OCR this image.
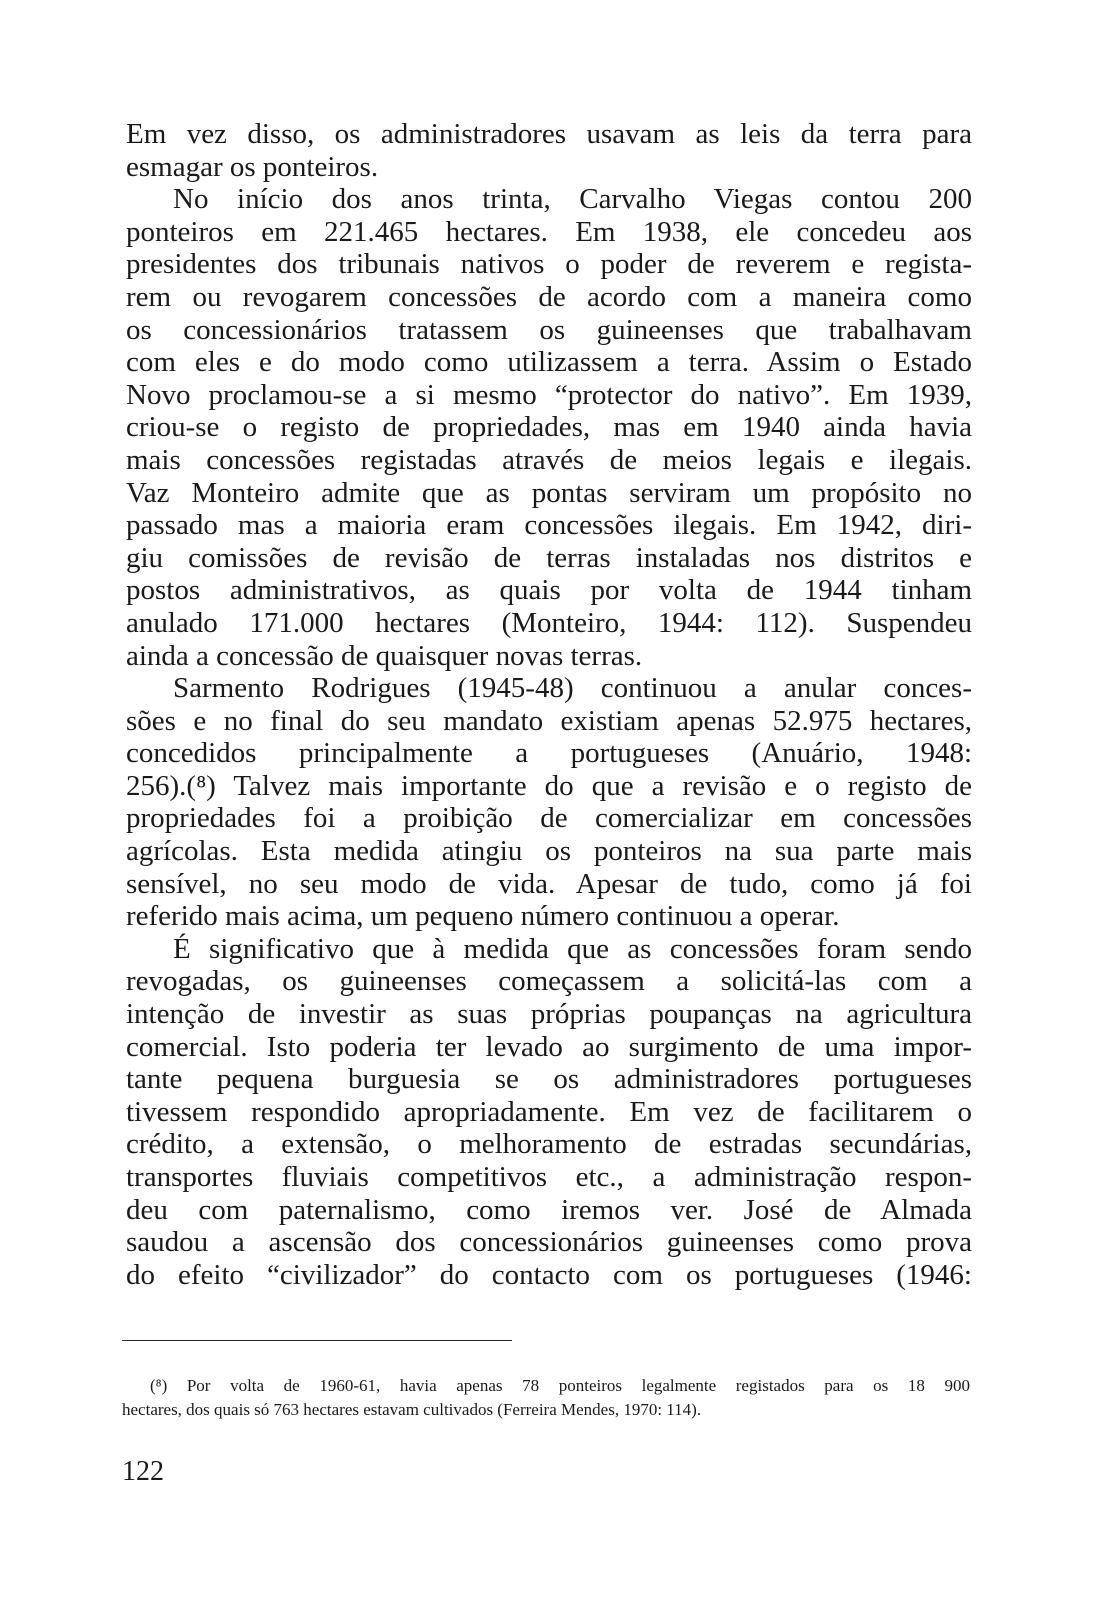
Em vez disso, os administradores usavam as leis da terra para
esmagar os ponteiros.
No início dos anos trinta, Carvalho Viegas contou 200
ponteiros em 221.465 hectares. Em 1938, ele concedeu aos
presidentes dos tribunais nativos o poder de reverem e regista-
rem ou revogarem concessões de acordo com a maneira como
os concessionários tratassem os guineenses que trabalhavam
com eles e do modo como utilizassem a terra. Assim o Estado
Novo proclamou-se a si mesmo “protector do nativo”. Em 1939,
criou-se o registo de propriedades, mas em 1940 ainda havia
mais concessões registadas através de meios legais e ilegais.
Vaz Monteiro admite que as pontas serviram um propósito no
passado mas a maioria eram concessões ilegais. Em 1942, diri-
giu comissões de revisão de terras instaladas nos distritos e
postos administrativos, as quais por volta de 1944 tinham
anulado 171.000 hectares (Monteiro, 1944: 112). Suspendeu
ainda a concessão de quaisquer novas terras.
Sarmento Rodrigues (1945-48) continuou a anular conces-
sões e no final do seu mandato existiam apenas 52.975 hectares,
concedidos principalmente a portugueses (Anuário, 1948:
256).(⁸) Talvez mais importante do que a revisão e o registo de
propriedades foi a proibição de comercializar em concessões
agrícolas. Esta medida atingiu os ponteiros na sua parte mais
sensível, no seu modo de vida. Apesar de tudo, como já foi
referido mais acima, um pequeno número continuou a operar.
É significativo que à medida que as concessões foram sendo
revogadas, os guineenses começassem a solicitá-las com a
intenção de investir as suas próprias poupanças na agricultura
comercial. Isto poderia ter levado ao surgimento de uma impor-
tante pequena burguesia se os administradores portugueses
tivessem respondido apropriadamente. Em vez de facilitarem o
crédito, a extensão, o melhoramento de estradas secundárias,
transportes fluviais competitivos etc., a administração respon-
deu com paternalismo, como iremos ver. José de Almada
saudou a ascensão dos concessionários guineenses como prova
do efeito “civilizador” do contacto com os portugueses (1946:
(⁸) Por volta de 1960-61, havia apenas 78 ponteiros legalmente registados para os 18 900
hectares, dos quais só 763 hectares estavam cultivados (Ferreira Mendes, 1970: 114).
122
